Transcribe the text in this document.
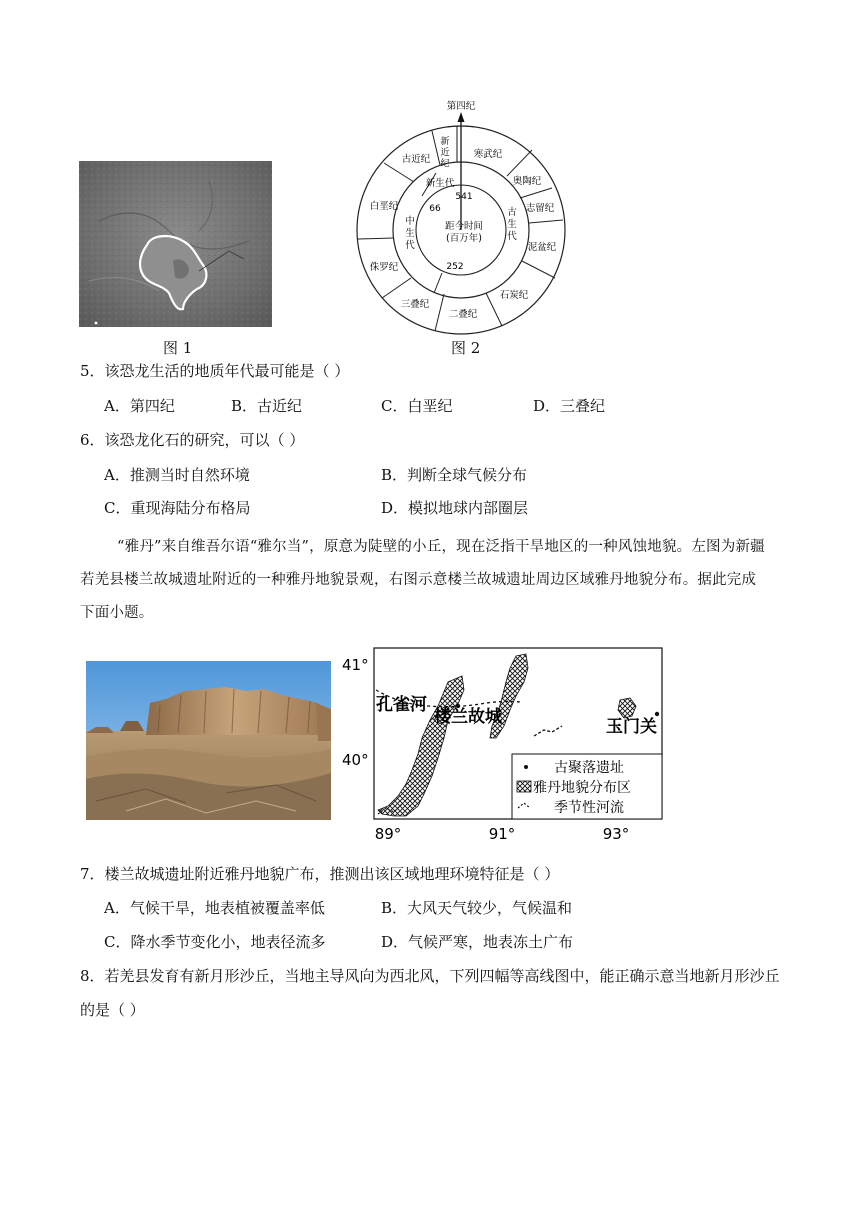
图 1
第四纪
新
近
纪
古近纪
白垩纪
侏罗纪
三叠纪
二叠纪
石炭纪
泥盆纪
志留纪
奥陶纪
寒武纪
新生代
中
生
代
古
生
代
541
66
252
距今时间
(百万年)
图 2
5．该恐龙生活的地质年代最可能是（ ）
A．第四纪	B．古近纪	C．白垩纪	D．三叠纪
6．该恐龙化石的研究，可以（ ）
A．推测当时自然环境	B．判断全球气候分布
C．重现海陆分布格局	D．模拟地球内部圈层
“雅丹”来自维吾尔语“雅尔当”，原意为陡壁的小丘，现在泛指干旱地区的一种风蚀地貌。左图为新疆
若羌县楼兰故城遗址附近的一种雅丹地貌景观，右图示意楼兰故城遗址周边区域雅丹地貌分布。据此完成
下面小题。
41°
40°
89°	91°	93°
孔雀河
楼兰故城	玉门关
古聚落遗址
雅丹地貌分布区
季节性河流
7．楼兰故城遗址附近雅丹地貌广布，推测出该区域地理环境特征是（ ）
A．气候干旱，地表植被覆盖率低	B．大风天气较少，气候温和
C．降水季节变化小，地表径流多	D．气候严寒，地表冻土广布
8．若羌县发育有新月形沙丘，当地主导风向为西北风，下列四幅等高线图中，能正确示意当地新月形沙丘
的是（ ）
